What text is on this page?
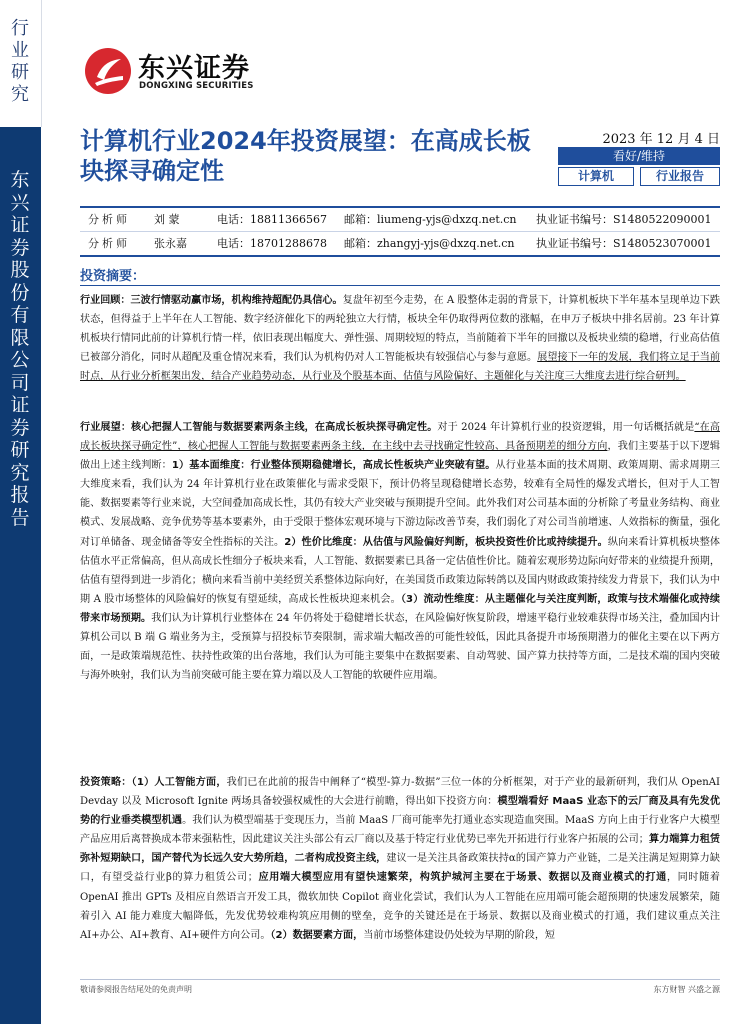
行业研究
东兴证券股份有限公司证券研究报告
东兴证券
DONGXING SECURITIES
计算机行业2024年投资展望：在高成长板块探寻确定性
2023 年 12 月 4 日
看好/维持
计算机	行业报告
分析师 刘 蒙	电话：18811366567 邮箱：liumeng-yjs@dxzq.net.cn 执业证书编号：S1480522090001
分析师 张永嘉	电话：18701288678 邮箱：zhangyj-yjs@dxzq.net.cn 执业证书编号：S1480523070001
投资摘要：
行业回顾：三波行情驱动赢市场，机构维持超配仍具信心。复盘年初至今走势，在 A 股整体走弱的背景下，计算机板块下半年基本呈现单边下跌状态，但得益于上半年在人工智能、数字经济催化下的两轮独立大行情，板块全年仍取得两位数的涨幅，在申万子板块中排名居前。23 年计算机板块行情同此前的计算机行情一样，依旧表现出幅度大、弹性强、周期较短的特点，当前随着下半年的回撤以及板块业绩的稳增，行业高估值已被部分消化，同时从超配及重仓情况来看，我们认为机构仍对人工智能板块有较强信心与参与意愿。展望接下一年的发展，我们将立足于当前时点，从行业分析框架出发，结合产业趋势动态，从行业及个股基本面、估值与风险偏好、主题催化与关注度三大维度去进行综合研判。
行业展望：核心把握人工智能与数据要素两条主线，在高成长板块探寻确定性。对于 2024 年计算机行业的投资逻辑，用一句话概括就是“在高成长板块探寻确定性”，核心把握人工智能与数据要素两条主线，在主线中去寻找确定性较高、具备预期差的细分方向，我们主要基于以下逻辑做出上述主线判断：1）基本面维度：行业整体预期稳健增长，高成长性板块产业突破有望。从行业基本面的技术周期、政策周期、需求周期三大维度来看，我们认为 24 年计算机行业在政策催化与需求受限下，预计仍将呈现稳健增长态势，较难有全局性的爆发式增长，但对于人工智能、数据要素等行业来说，大空间叠加高成长性，其仍有较大产业突破与预期提升空间。此外我们对公司基本面的分析除了考量业务结构、商业模式、发展战略、竞争优势等基本要素外，由于受限于整体宏观环境与下游边际改善节奏，我们弱化了对公司当前增速、人效指标的衡量，强化对订单储备、现金储备等安全性指标的关注。2）性价比维度：从估值与风险偏好判断，板块投资性价比或持续提升。纵向来看计算机板块整体估值水平正常偏高，但从高成长性细分子板块来看，人工智能、数据要素已具备一定估值性价比。随着宏观形势边际向好带来的业绩提升预期，估值有望得到进一步消化；横向来看当前中美经贸关系整体边际向好，在美国货币政策边际转鸽以及国内财政政策持续发力背景下，我们认为中期 A 股市场整体的风险偏好的恢复有望延续，高成长性板块迎来机会。（3）流动性维度：从主题催化与关注度判断，政策与技术端催化或持续带来市场预期。我们认为计算机行业整体在 24 年仍将处于稳健增长状态，在风险偏好恢复阶段，增速平稳行业较难获得市场关注，叠加国内计算机公司以 B 端 G 端业务为主，受预算与招投标节奏限制，需求端大幅改善的可能性较低，因此具备提升市场预期潜力的催化主要在以下两方面，一是政策端规范性、扶持性政策的出台落地，我们认为可能主要集中在数据要素、自动驾驶、国产算力扶持等方面，二是技术端的国内突破与海外映射，我们认为当前突破可能主要在算力端以及人工智能的软硬件应用端。
投资策略：（1）人工智能方面，我们已在此前的报告中阐释了“模型-算力-数据”三位一体的分析框架，对于产业的最新研判，我们从 OpenAI Devday 以及 Microsoft Ignite 两场具备较强权威性的大会进行前瞻，得出如下投资方向：模型端看好 MaaS 业态下的云厂商及具有先发优势的行业垂类模型机遇。我们认为模型端基于变现压力，当前 MaaS 厂商可能率先打通业态实现造血突围。MaaS 方向上由于行业客户大模型产品应用后离替换成本带来强粘性，因此建议关注头部公有云厂商以及基于特定行业优势已率先开拓进行行业客户拓展的公司；算力端算力租赁弥补短期缺口，国产替代为长远久安大势所趋，二者构成投资主线，建议一是关注具备政策扶持α的国产算力产业链，二是关注满足短期算力缺口，有望受益行业β的算力租赁公司；应用端大模型应用有望快速繁荣，构筑护城河主要在于场景、数据以及商业模式的打通，同时随着 OpenAI 推出 GPTs 及相应自然语言开发工具，微软加快 Copilot 商业化尝试，我们认为人工智能在应用端可能会超预期的快速发展繁荣，随着引入 AI 能力难度大幅降低，先发优势较难构筑应用侧的壁垒，竞争的关键还是在于场景、数据以及商业模式的打通，我们建议重点关注 AI+办公、AI+教育、AI+硬件方向公司。（2）数据要素方面，当前市场整体建设仍处较为早期的阶段，短
敬请参阅报告结尾处的免责声明	东方财智 兴盛之源
